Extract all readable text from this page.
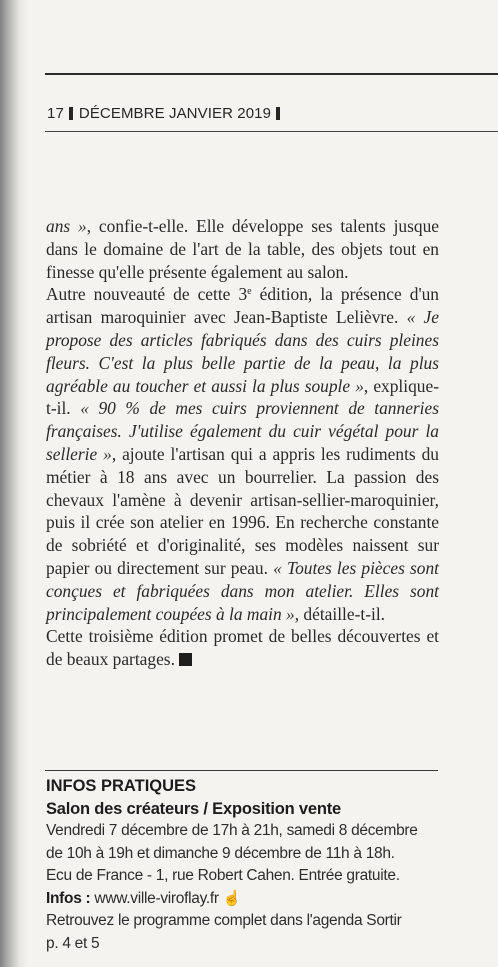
17 DÉCEMBRE JANVIER 2019

ans », confie-t-elle. Elle développe ses talents jusque dans le domaine de l'art de la table, des objets tout en finesse qu'elle présente également au salon.

Autre nouveauté de cette 3e édition, la présence d'un artisan maroquinier avec Jean-Baptiste Lelièvre. « Je propose des articles fabriqués dans des cuirs pleines fleurs. C'est la plus belle partie de la peau, la plus agréable au toucher et aussi la plus souple », explique-t-il. « 90 % de mes cuirs proviennent de tanneries françaises. J'utilise également du cuir végétal pour la sellerie », ajoute l'artisan qui a appris les rudiments du métier à 18 ans avec un bourrelier. La passion des chevaux l'amène à devenir artisan-sellier-maroquinier, puis il crée son atelier en 1996. En recherche constante de sobriété et d'originalité, ses modèles naissent sur papier ou directement sur peau. « Toutes les pièces sont conçues et fabriquées dans mon atelier. Elles sont principalement coupées à la main », détaille-t-il.

Cette troisième édition promet de belles découvertes et de beaux partages.

INFOS PRATIQUES
Salon des créateurs / Exposition vente
Vendredi 7 décembre de 17h à 21h, samedi 8 décembre
de 10h à 19h et dimanche 9 décembre de 11h à 18h.
Ecu de France - 1, rue Robert Cahen. Entrée gratuite.
Infos : www.ville-viroflay.fr ☝
Retrouvez le programme complet dans l'agenda Sortir
p. 4 et 5
